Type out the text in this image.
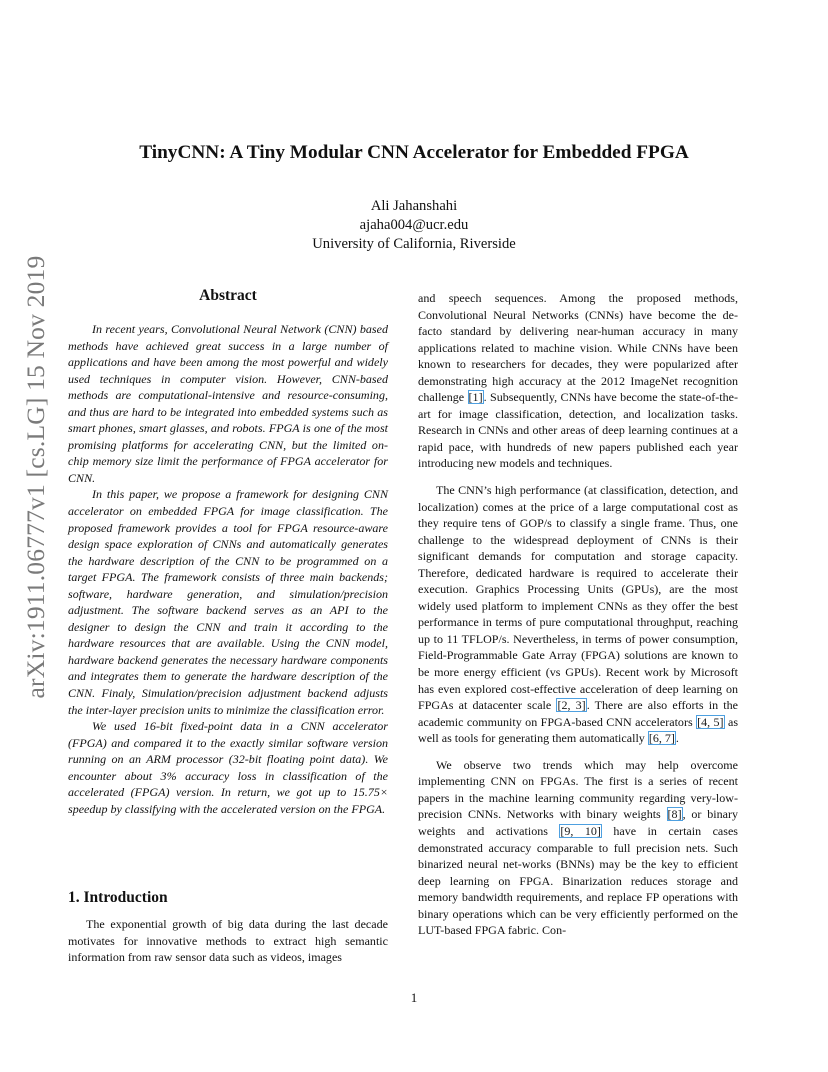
arXiv:1911.06777v1 [cs.LG] 15 Nov 2019
TinyCNN: A Tiny Modular CNN Accelerator for Embedded FPGA
Ali Jahanshahi
ajaha004@ucr.edu
University of California, Riverside
Abstract

In recent years, Convolutional Neural Network (CNN) based methods have achieved great success in a large number of applications and have been among the most powerful and widely used techniques in computer vision. However, CNN-based methods are computational-intensive and resource-consuming, and thus are hard to be integrated into embedded systems such as smart phones, smart glasses, and robots. FPGA is one of the most promising platforms for accelerating CNN, but the limited on-chip memory size limit the performance of FPGA accelerator for CNN.

In this paper, we propose a framework for designing CNN accelerator on embedded FPGA for image classification. The proposed framework provides a tool for FPGA resource-aware design space exploration of CNNs and automatically generates the hardware description of the CNN to be programmed on a target FPGA. The framework consists of three main backends; software, hardware generation, and simulation/precision adjustment. The software backend serves as an API to the designer to design the CNN and train it according to the hardware resources that are available. Using the CNN model, hardware backend generates the necessary hardware components and integrates them to generate the hardware description of the CNN. Finaly, Simulation/precision adjustment backend adjusts the inter-layer precision units to minimize the classification error.

We used 16-bit fixed-point data in a CNN accelerator (FPGA) and compared it to the exactly similar software version running on an ARM processor (32-bit floating point data). We encounter about 3% accuracy loss in classification of the accelerated (FPGA) version. In return, we got up to 15.75× speedup by classifying with the accelerated version on the FPGA.

1. Introduction

The exponential growth of big data during the last decade motivates for innovative methods to extract high semantic information from raw sensor data such as videos, images

and speech sequences. Among the proposed methods, Convolutional Neural Networks (CNNs) have become the de-facto standard by delivering near-human accuracy in many applications related to machine vision. While CNNs have been known to researchers for decades, they were popularized after demonstrating high accuracy at the 2012 ImageNet recognition challenge [1]. Subsequently, CNNs have become the state-of-the-art for image classification, detection, and localization tasks. Research in CNNs and other areas of deep learning continues at a rapid pace, with hundreds of new papers published each year introducing new models and techniques.

The CNN’s high performance (at classification, detection, and localization) comes at the price of a large computational cost as they require tens of GOP/s to classify a single frame. Thus, one challenge to the widespread deployment of CNNs is their significant demands for computation and storage capacity. Therefore, dedicated hardware is required to accelerate their execution. Graphics Processing Units (GPUs), are the most widely used platform to implement CNNs as they offer the best performance in terms of pure computational throughput, reaching up to 11 TFLOP/s. Nevertheless, in terms of power consumption, Field-Programmable Gate Array (FPGA) solutions are known to be more energy efficient (vs GPUs). Recent work by Microsoft has even explored cost-effective acceleration of deep learning on FPGAs at datacenter scale [2, 3]. There are also efforts in the academic community on FPGA-based CNN accelerators [4, 5] as well as tools for generating them automatically [6, 7].

We observe two trends which may help overcome implementing CNN on FPGAs. The first is a series of recent papers in the machine learning community regarding very-low-precision CNNs. Networks with binary weights [8], or binary weights and activations [9, 10] have in certain cases demonstrated accuracy comparable to full precision nets. Such binarized neural net-works (BNNs) may be the key to efficient deep learning on FPGA. Binarization reduces storage and memory bandwidth requirements, and replace FP operations with binary operations which can be very efficiently performed on the LUT-based FPGA fabric. Con-

1
